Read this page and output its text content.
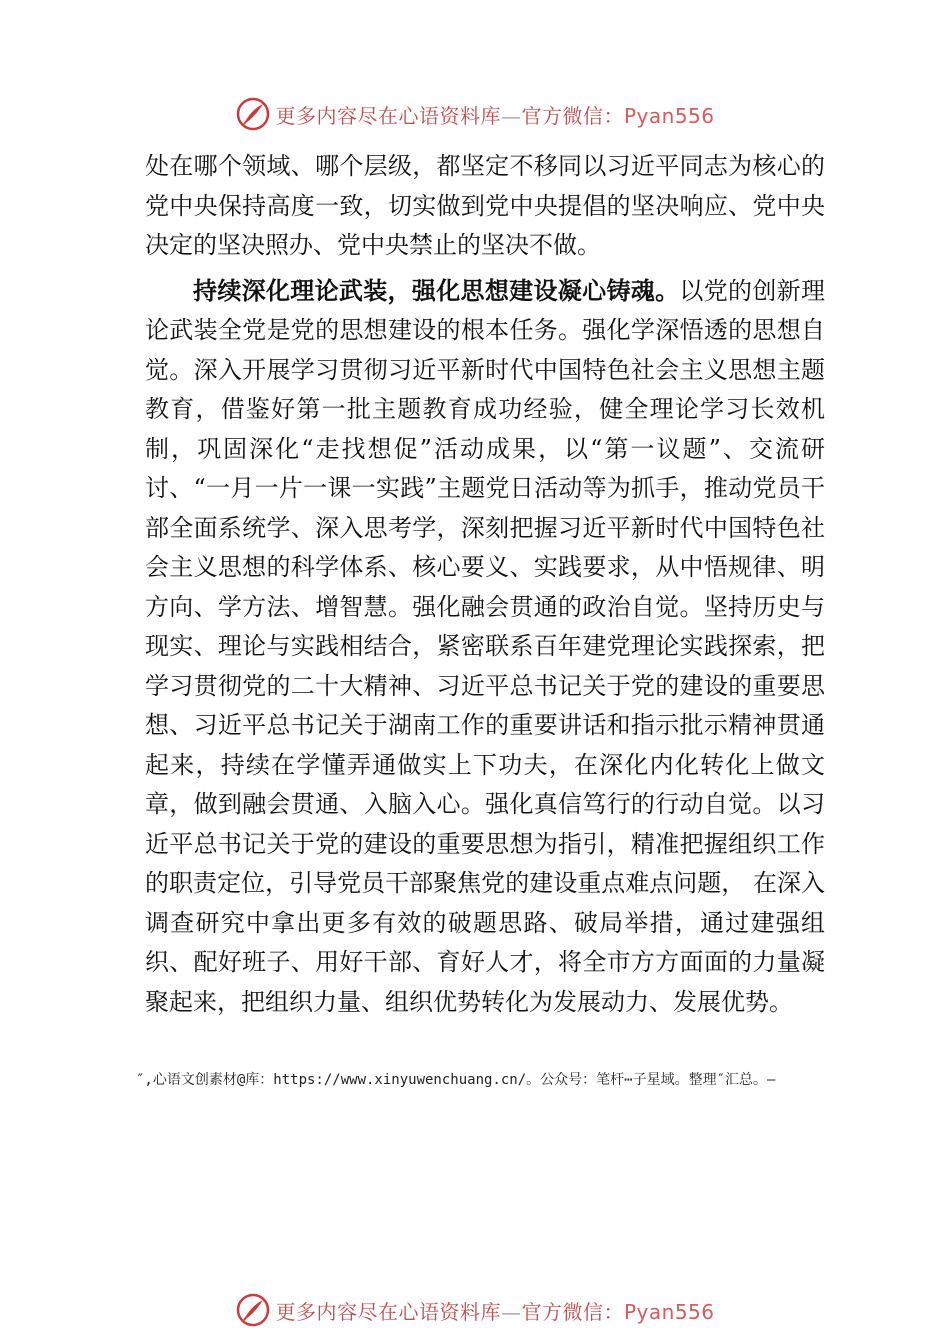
更多内容尽在心语资料库—官方微信：Pyan556

处在哪个领域、哪个层级，都坚定不移同以习近平同志为核心的党中央保持高度一致，切实做到党中央提倡的坚决响应、党中央决定的坚决照办、党中央禁止的坚决不做。

持续深化理论武装，强化思想建设凝心铸魂。以党的创新理论武装全党是党的思想建设的根本任务。强化学深悟透的思想自觉。深入开展学习贯彻习近平新时代中国特色社会主义思想主题教育，借鉴好第一批主题教育成功经验，健全理论学习长效机制，巩固深化“走找想促”活动成果，以“第一议题”、交流研讨、“一月一片一课一实践”主题党日活动等为抓手，推动党员干部全面系统学、深入思考学，深刻把握习近平新时代中国特色社会主义思想的科学体系、核心要义、实践要求，从中悟规律、明方向、学方法、增智慧。强化融会贯通的政治自觉。坚持历史与现实、理论与实践相结合，紧密联系百年建党理论实践探索，把学习贯彻党的二十大精神、习近平总书记关于党的建设的重要思想、习近平总书记关于湖南工作的重要讲话和指示批示精神贯通起来，持续在学懂弄通做实上下功夫，在深化内化转化上做文章，做到融会贯通、入脑入心。强化真信笃行的行动自觉。以习近平总书记关于党的建设的重要思想为指引，精准把握组织工作的职责定位，引导党员干部聚焦党的建设重点难点问题， 在深入调查研究中拿出更多有效的破题思路、破局举措，通过建强组织、配好班子、用好干部、育好人才，将全市方方面面的力量凝聚起来，把组织力量、组织优势转化为发展动力、发展优势。

″,心语文创素材@库：https://www.xinyuwenchuang.cn/。公众号：笔杆⋯子星域。整理″汇总。—
更多内容尽在心语资料库—官方微信：Pyan556
